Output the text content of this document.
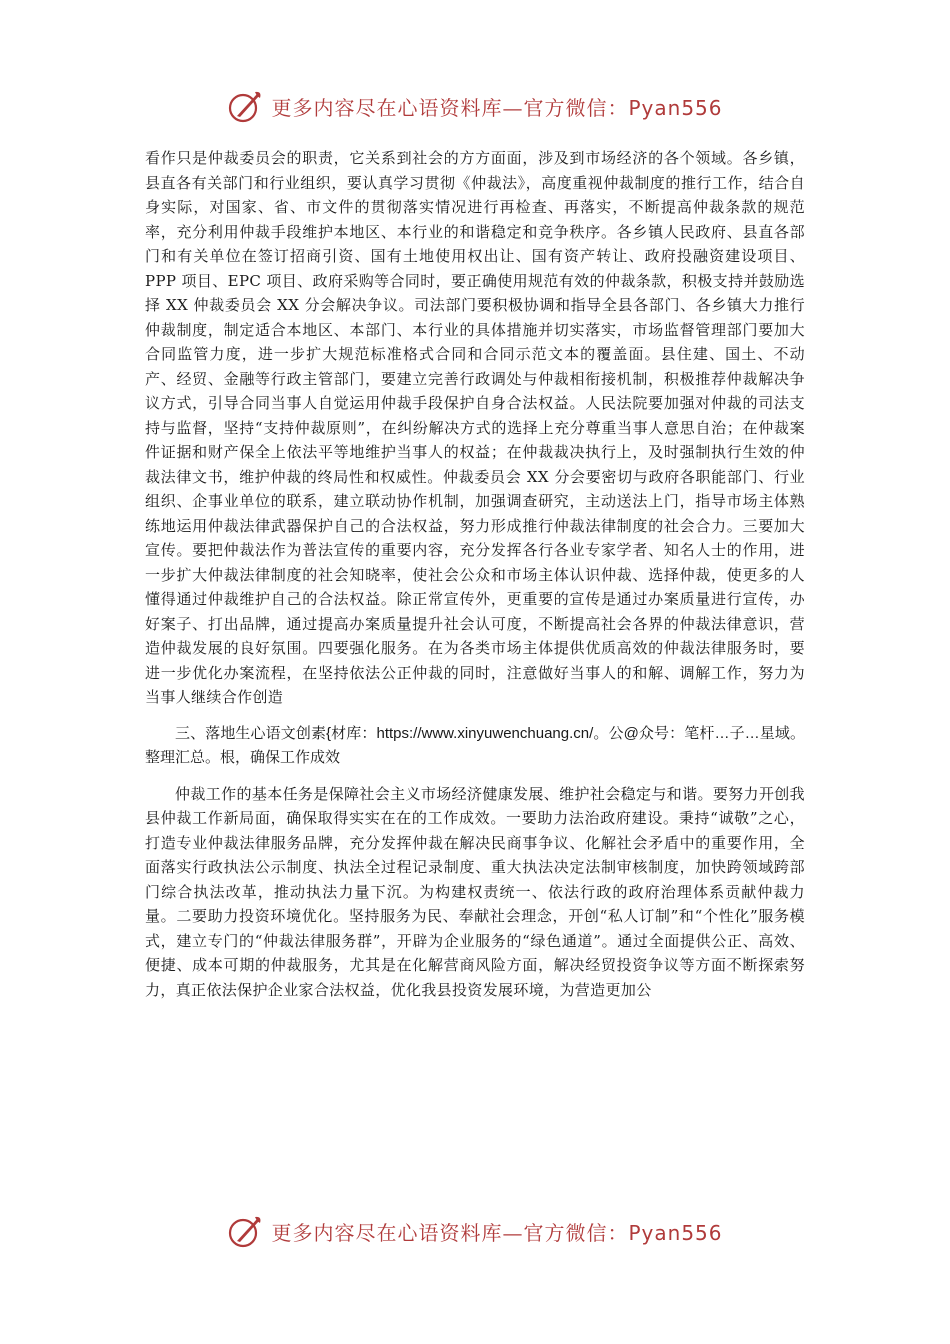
更多内容尽在心语资料库—官方微信：Pyan556

看作只是仲裁委员会的职责，它关系到社会的方方面面，涉及到市场经济的各个领域。各乡镇，县直各有关部门和行业组织，要认真学习贯彻《仲裁法》，高度重视仲裁制度的推行工作，结合自身实际，对国家、省、市文件的贯彻落实情况进行再检查、再落实，不断提高仲裁条款的规范率，充分利用仲裁手段维护本地区、本行业的和谐稳定和竞争秩序。各乡镇人民政府、县直各部门和有关单位在签订招商引资、国有土地使用权出让、国有资产转让、政府投融资建设项目、PPP 项目、EPC 项目、政府采购等合同时，要正确使用规范有效的仲裁条款，积极支持并鼓励选择 XX 仲裁委员会 XX 分会解决争议。司法部门要积极协调和指导全县各部门、各乡镇大力推行仲裁制度，制定适合本地区、本部门、本行业的具体措施并切实落实，市场监督管理部门要加大合同监管力度，进一步扩大规范标准格式合同和合同示范文本的覆盖面。县住建、国土、不动产、经贸、金融等行政主管部门，要建立完善行政调处与仲裁相衔接机制，积极推荐仲裁解决争议方式，引导合同当事人自觉运用仲裁手段保护自身合法权益。人民法院要加强对仲裁的司法支持与监督，坚持“支持仲裁原则”，在纠纷解决方式的选择上充分尊重当事人意思自治；在仲裁案件证据和财产保全上依法平等地维护当事人的权益；在仲裁裁决执行上，及时强制执行生效的仲裁法律文书，维护仲裁的终局性和权威性。仲裁委员会 XX 分会要密切与政府各职能部门、行业组织、企事业单位的联系，建立联动协作机制，加强调查研究，主动送法上门，指导市场主体熟练地运用仲裁法律武器保护自己的合法权益，努力形成推行仲裁法律制度的社会合力。三要加大宣传。要把仲裁法作为普法宣传的重要内容，充分发挥各行各业专家学者、知名人士的作用，进一步扩大仲裁法律制度的社会知晓率，使社会公众和市场主体认识仲裁、选择仲裁，使更多的人懂得通过仲裁维护自己的合法权益。除正常宣传外，更重要的宣传是通过办案质量进行宣传，办好案子、打出品牌，通过提高办案质量提升社会认可度，不断提高社会各界的仲裁法律意识，营造仲裁发展的良好氛围。四要强化服务。在为各类市场主体提供优质高效的仲裁法律服务时，要进一步优化办案流程，在坚持依法公正仲裁的同时，注意做好当事人的和解、调解工作，努力为当事人继续合作创造

三、落地生心语文创素{材库：https://www.xinyuwenchuang.cn/。公@众号：笔杆…子…星域。整理汇总。根，确保工作成效

仲裁工作的基本任务是保障社会主义市场经济健康发展、维护社会稳定与和谐。要努力开创我县仲裁工作新局面，确保取得实实在在的工作成效。一要助力法治政府建设。秉持“诚敬”之心，打造专业仲裁法律服务品牌，充分发挥仲裁在解决民商事争议、化解社会矛盾中的重要作用，全面落实行政执法公示制度、执法全过程记录制度、重大执法决定法制审核制度，加快跨领域跨部门综合执法改革，推动执法力量下沉。为构建权责统一、依法行政的政府治理体系贡献仲裁力量。二要助力投资环境优化。坚持服务为民、奉献社会理念，开创“私人订制”和“个性化”服务模式，建立专门的“仲裁法律服务群”，开辟为企业服务的“绿色通道”。通过全面提供公正、高效、便捷、成本可期的仲裁服务，尤其是在化解营商风险方面，解决经贸投资争议等方面不断探索努力，真正依法保护企业家合法权益，优化我县投资发展环境，为营造更加公

更多内容尽在心语资料库—官方微信：Pyan556
